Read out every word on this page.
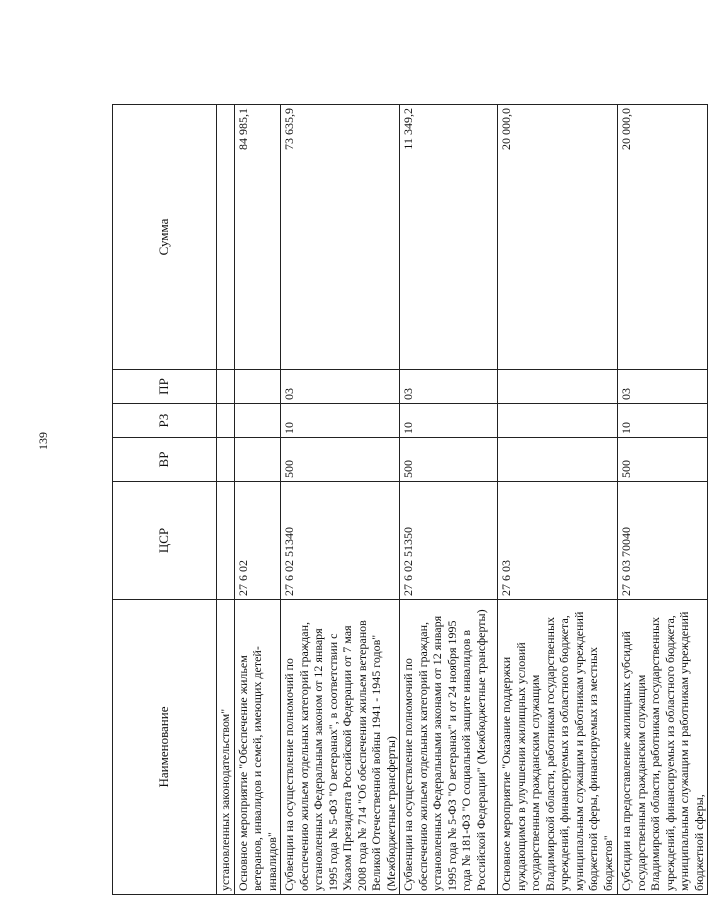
139
Наименование	ЦСР	ВР	РЗ	ПР	Сумма
установленных законодательством"					
Основное мероприятие "Обеспечение жильем ветеранов, инвалидов и семей, имеющих детей-инвалидов"	27 6 02				84 985,1
Субвенции на осуществление полномочий по обеспечению жильем отдельных категорий граждан, установленных Федеральным законом от 12 января 1995 года № 5-ФЗ "О ветеранах", в соответствии с Указом Президента Российской Федерации от 7 мая 2008 года № 714 "Об обеспечении жильем ветеранов Великой Отечественной войны 1941 - 1945 годов" (Межбюджетные трансферты)	27 6 02 51340	500	10	03	73 635,9
Субвенции на осуществление полномочий по обеспечению жильем отдельных категорий граждан, установленных Федеральными законами от 12 января 1995 года № 5-ФЗ "О ветеранах" и от 24 ноября 1995 года № 181-ФЗ "О социальной защите инвалидов в Российской Федерации" (Межбюджетные трансферты)	27 6 02 51350	500	10	03	11 349,2
Основное мероприятие "Оказание поддержки нуждающимся в улучшении жилищных условий государственным гражданским служащим Владимирской области, работникам государственных учреждений, финансируемых из областного бюджета, муниципальным служащим и работникам учреждений бюджетной сферы, финансируемых из местных бюджетов"	27 6 03				20 000,0
Субсидии на предоставление жилищных субсидий государственным гражданским служащим Владимирской области, работникам государственных учреждений, финансируемых из областного бюджета, муниципальным служащим и работникам учреждений бюджетной сферы,	27 6 03 70040	500	10	03	20 000,0
